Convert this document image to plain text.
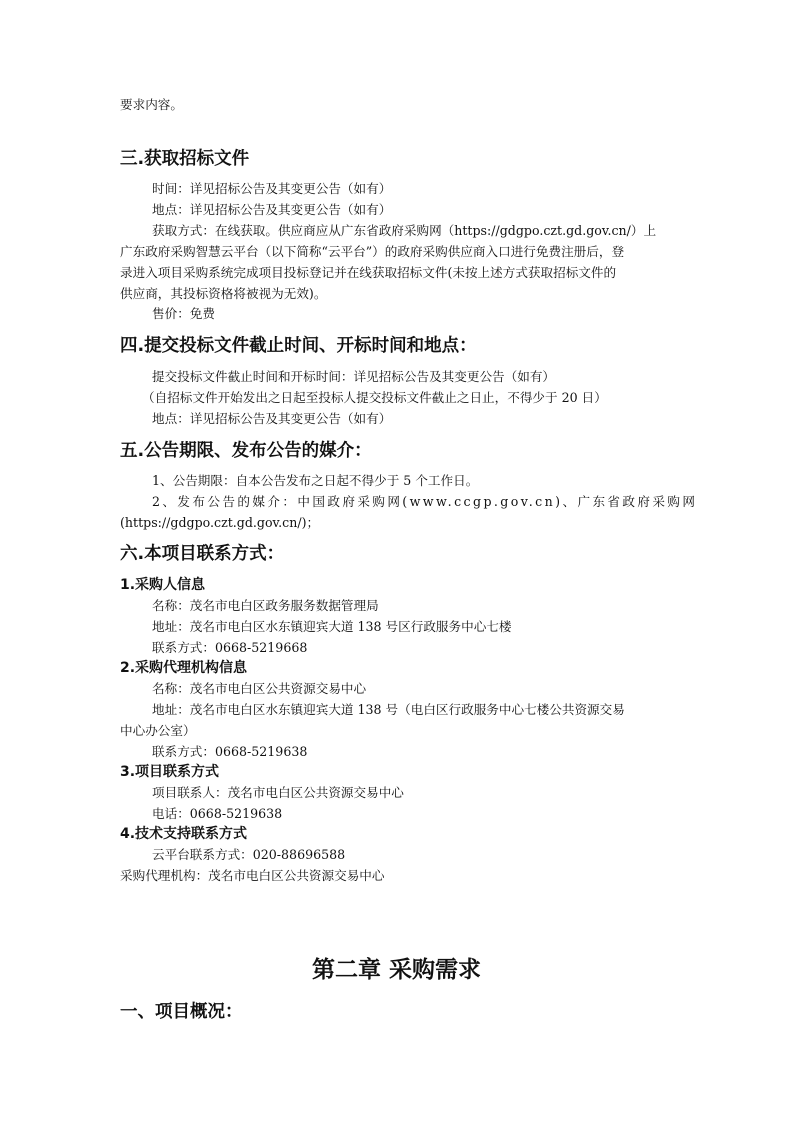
要求内容。
三.获取招标文件
时间：详见招标公告及其变更公告（如有）
地点：详见招标公告及其变更公告（如有）
获取方式：在线获取。供应商应从广东省政府采购网（https://gdgpo.czt.gd.gov.cn/）上
广东政府采购智慧云平台（以下简称“云平台”）的政府采购供应商入口进行免费注册后，登
录进入项目采购系统完成项目投标登记并在线获取招标文件(未按上述方式获取招标文件的
供应商，其投标资格将被视为无效)。
售价：免费
四.提交投标文件截止时间、开标时间和地点：
提交投标文件截止时间和开标时间：详见招标公告及其变更公告（如有）
（自招标文件开始发出之日起至投标人提交投标文件截止之日止，不得少于 20 日）
地点：详见招标公告及其变更公告（如有）
五.公告期限、发布公告的媒介：
1、公告期限：自本公告发布之日起不得少于 5 个工作日。
2、发布公告的媒介：中国政府采购网(www.ccgp.gov.cn)、广东省政府采购网
(https://gdgpo.czt.gd.gov.cn/)；
六.本项目联系方式：
1.采购人信息
名称：茂名市电白区政务服务数据管理局
地址：茂名市电白区水东镇迎宾大道 138 号区行政服务中心七楼
联系方式：0668-5219668
2.采购代理机构信息
名称：茂名市电白区公共资源交易中心
地址：茂名市电白区水东镇迎宾大道 138 号（电白区行政服务中心七楼公共资源交易
中心办公室）
联系方式：0668-5219638
3.项目联系方式
项目联系人：茂名市电白区公共资源交易中心
电话：0668-5219638
4.技术支持联系方式
云平台联系方式：020-88696588
采购代理机构：茂名市电白区公共资源交易中心
第二章 采购需求
一、项目概况：
